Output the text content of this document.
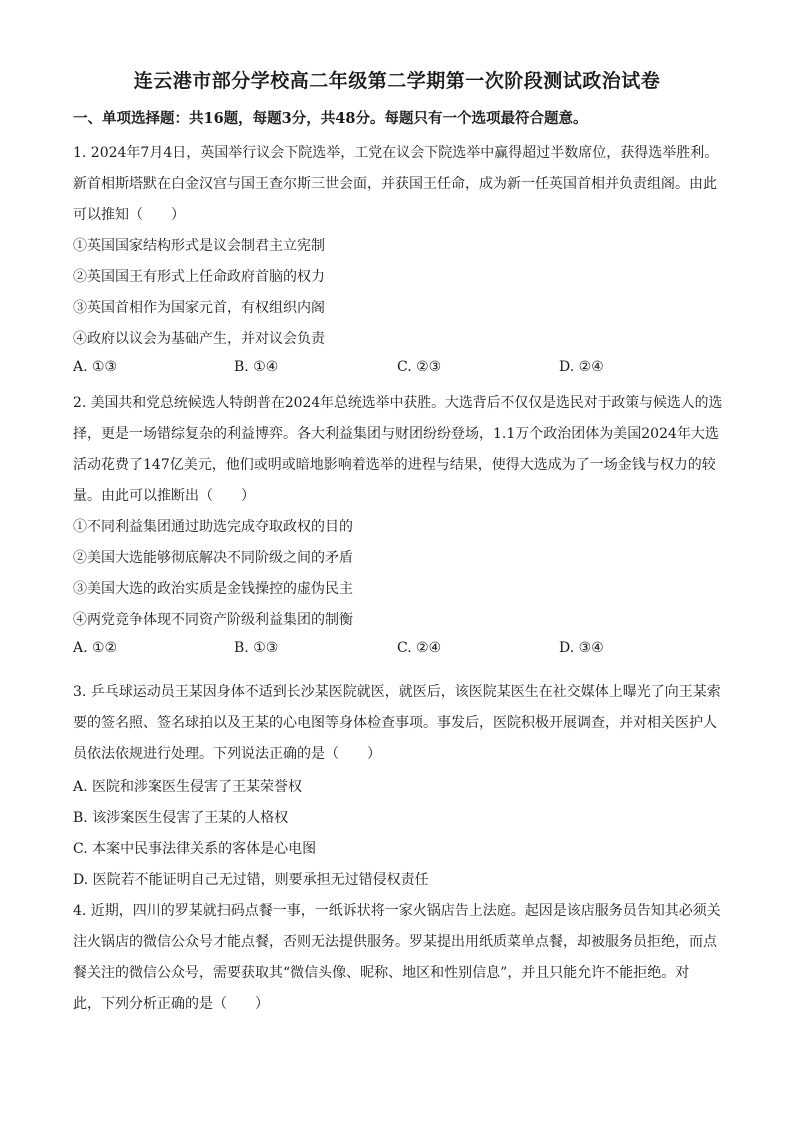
连云港市部分学校高二年级第二学期第一次阶段测试政治试卷
一、单项选择题：共16题，每题3分，共48分。每题只有一个选项最符合题意。
1. 2024年7月4日，英国举行议会下院选举，工党在议会下院选举中赢得超过半数席位，获得选举胜利。
新首相斯塔默在白金汉宫与国王查尔斯三世会面，并获国王任命，成为新一任英国首相并负责组阁。由此
可以推知（　　）
①英国国家结构形式是议会制君主立宪制
②英国国王有形式上任命政府首脑的权力
③英国首相作为国家元首，有权组织内阁
④政府以议会为基础产生，并对议会负责
A. ①③	B. ①④	C. ②③	D. ②④
2. 美国共和党总统候选人特朗普在2024年总统选举中获胜。大选背后不仅仅是选民对于政策与候选人的选
择，更是一场错综复杂的利益博弈。各大利益集团与财团纷纷登场，1.1万个政治团体为美国2024年大选
活动花费了147亿美元，他们或明或暗地影响着选举的进程与结果，使得大选成为了一场金钱与权力的较
量。由此可以推断出（　　）
①不同利益集团通过助选完成夺取政权的目的
②美国大选能够彻底解决不同阶级之间的矛盾
③美国大选的政治实质是金钱操控的虚伪民主
④两党竞争体现不同资产阶级利益集团的制衡
A. ①②	B. ①③	C. ②④	D. ③④
3. 乒乓球运动员王某因身体不适到长沙某医院就医，就医后，该医院某医生在社交媒体上曝光了向王某索
要的签名照、签名球拍以及王某的心电图等身体检查事项。事发后，医院积极开展调查，并对相关医护人
员依法依规进行处理。下列说法正确的是（　　）
A. 医院和涉案医生侵害了王某荣誉权
B. 该涉案医生侵害了王某的人格权
C. 本案中民事法律关系的客体是心电图
D. 医院若不能证明自己无过错，则要承担无过错侵权责任
4. 近期，四川的罗某就扫码点餐一事，一纸诉状将一家火锅店告上法庭。起因是该店服务员告知其必须关
注火锅店的微信公众号才能点餐，否则无法提供服务。罗某提出用纸质菜单点餐，却被服务员拒绝，而点
餐关注的微信公众号，需要获取其“微信头像、昵称、地区和性别信息”，并且只能允许不能拒绝。对
此，下列分析正确的是（　　）
